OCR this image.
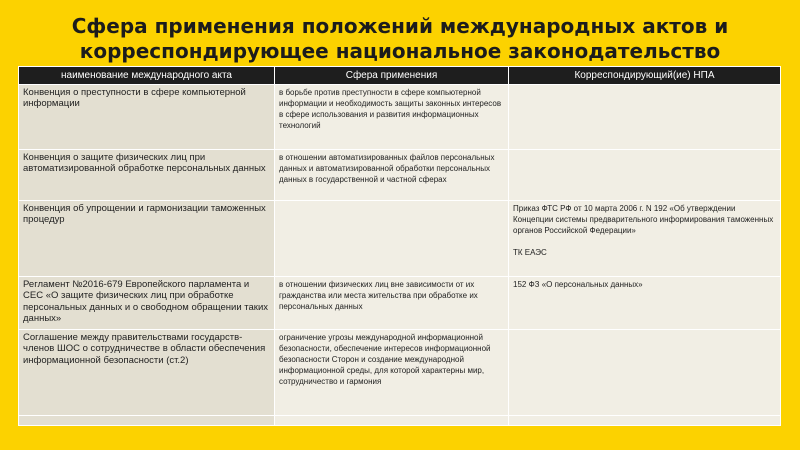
Сфера применения положений международных актов и
корреспондирующее национальное законодательство
наименование международного акта	Сфера применения	Корреспондирующий(ие) НПА
Конвенция о преступности в сфере компьютерной информации	в борьбе против преступности в сфере компьютерной информации и необходимость защиты законных интересов в сфере использования и развития информационных технологий	
Конвенция о защите физических лиц при автоматизированной обработке персональных данных	в отношении автоматизированных файлов персональных данных и автоматизированной обработки персональных данных в государственной и частной сферах	
Конвенция об упрощении и гармонизации таможенных процедур		Приказ ФТС РФ от 10 марта 2006 г. N 192 «Об утверждении Концепции системы предварительного информирования таможенных органов Российской Федерации»

ТК ЕАЭС

Регламент №2016-679 Европейского парламента и СЕС «О защите физических лиц при обработке персональных данных и о свободном обращении таких данных»	в отношении физических лиц вне зависимости от их гражданства или места жительства при обработке их персональных данных	152 ФЗ «О персональных данных»
Соглашение между правительствами государств-членов ШОС о сотрудничестве в области обеспечения информационной безопасности (ст.2)	ограничение угрозы международной информационной безопасности, обеспечение интересов информационной безопасности Сторон и создание международной информационной среды, для которой характерны мир, сотрудничество и гармония	
